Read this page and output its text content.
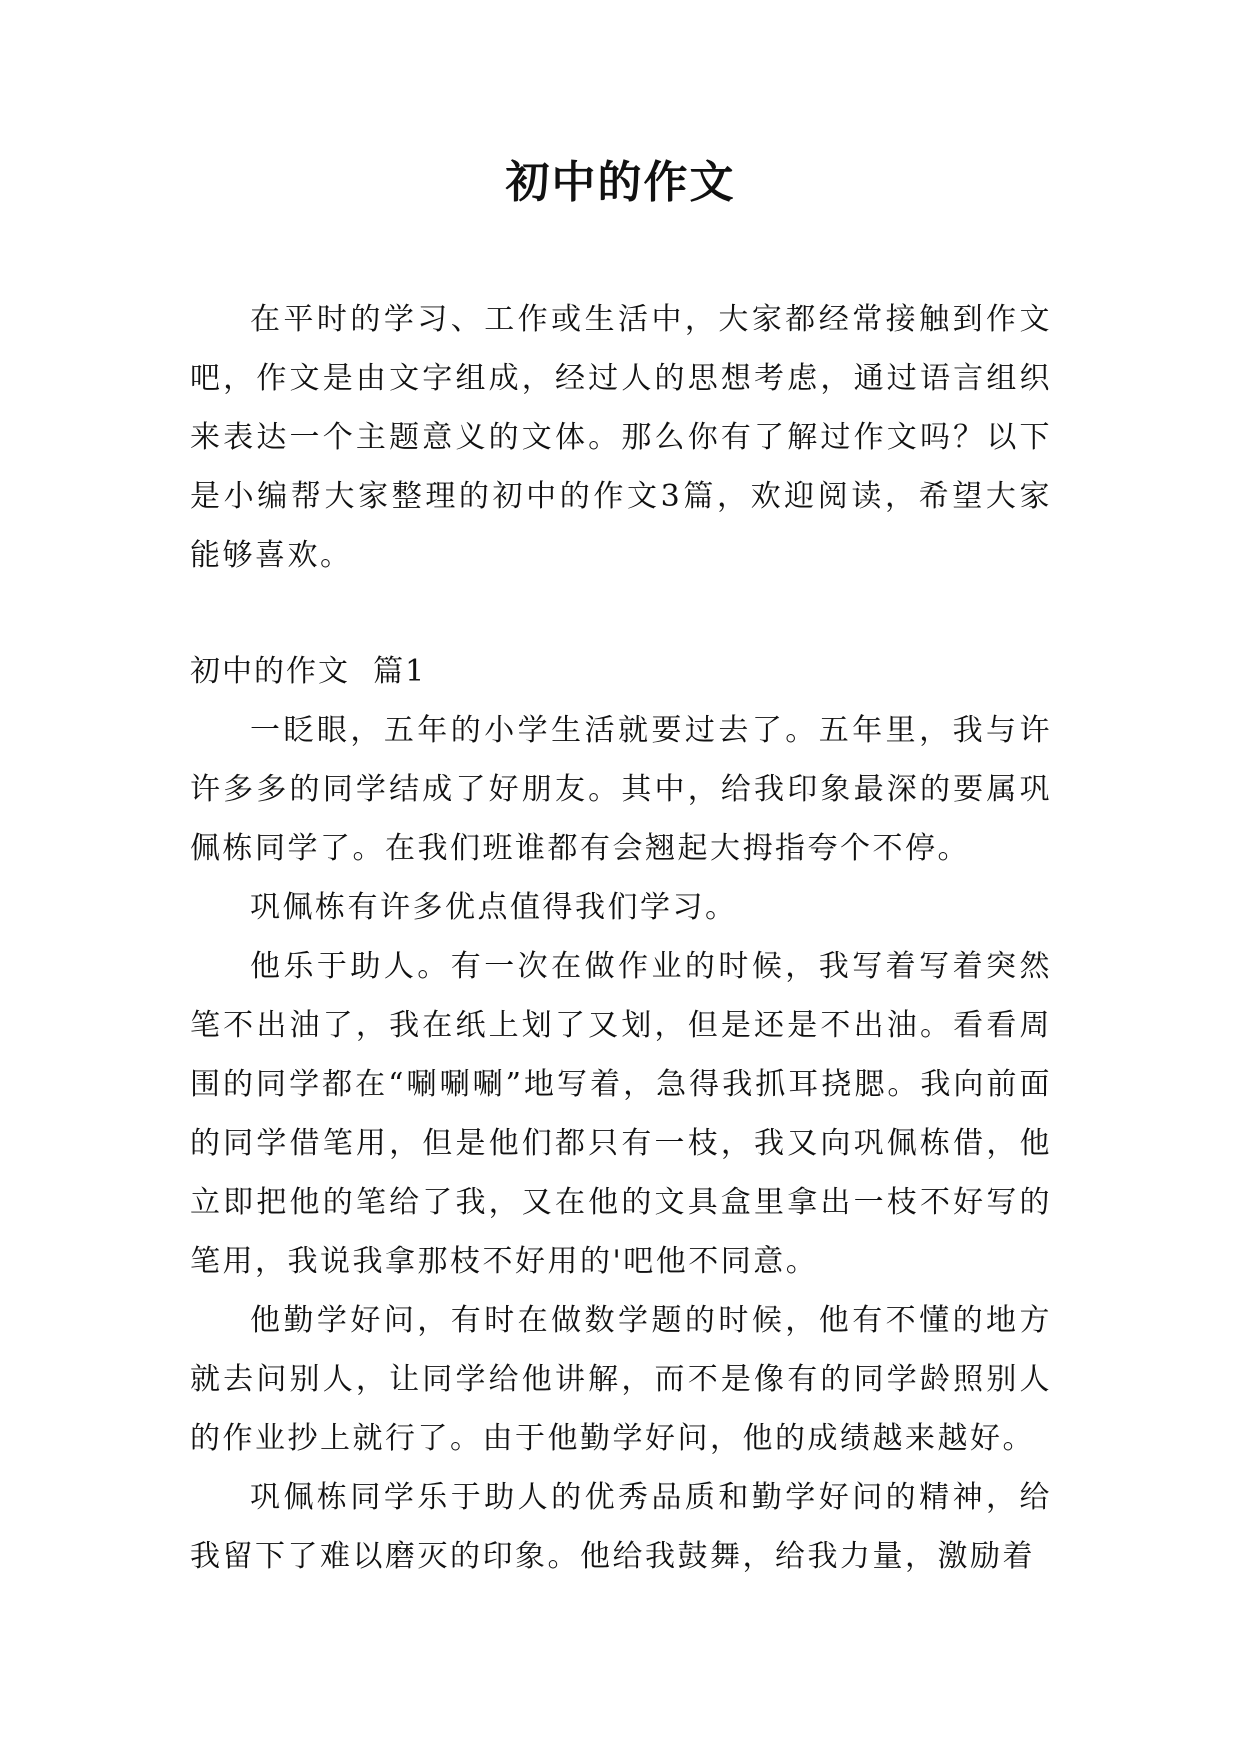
初中的作文

在平时的学习、工作或生活中，大家都经常接触到作文吧，作文是由文字组成，经过人的思想考虑，通过语言组织来表达一个主题意义的文体。那么你有了解过作文吗？以下是小编帮大家整理的初中的作文3篇，欢迎阅读，希望大家能够喜欢。

初中的作文  篇1

一眨眼，五年的小学生活就要过去了。五年里，我与许许多多的同学结成了好朋友。其中，给我印象最深的要属巩佩栋同学了。在我们班谁都有会翘起大拇指夸个不停。

巩佩栋有许多优点值得我们学习。

他乐于助人。有一次在做作业的时候，我写着写着突然笔不出油了，我在纸上划了又划，但是还是不出油。看看周围的同学都在“唰唰唰”地写着，急得我抓耳挠腮。我向前面的同学借笔用，但是他们都只有一枝，我又向巩佩栋借，他立即把他的笔给了我，又在他的文具盒里拿出一枝不好写的笔用，我说我拿那枝不好用的'吧他不同意。

他勤学好问，有时在做数学题的时候，他有不懂的地方就去问别人，让同学给他讲解，而不是像有的同学龄照别人的作业抄上就行了。由于他勤学好问，他的成绩越来越好。

巩佩栋同学乐于助人的优秀品质和勤学好问的精神，给我留下了难以磨灭的印象。他给我鼓舞，给我力量，激励着
